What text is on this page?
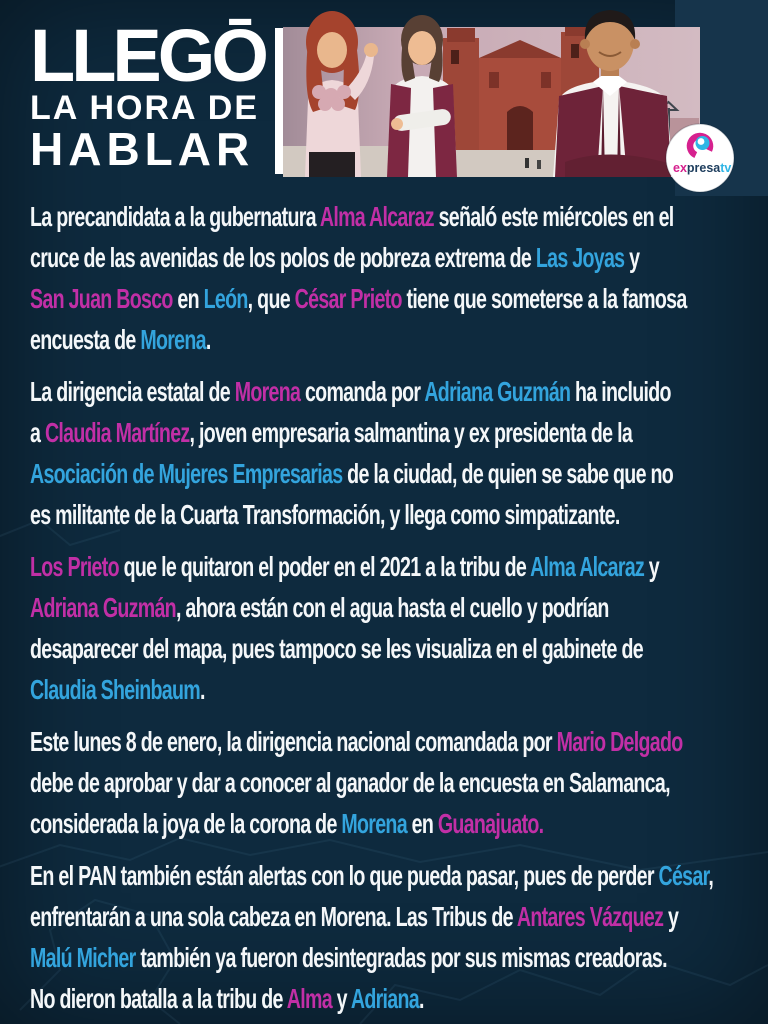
LLEGŌ
LA HORA DE
HABLAR	expresatv
La precandidata a la gubernatura Alma Alcaraz señaló este miércoles en el
cruce de las avenidas de los polos de pobreza extrema de Las Joyas y
San Juan Bosco en León, que César Prieto tiene que someterse a la famosa
encuesta de Morena.
La dirigencia estatal de Morena comanda por Adriana Guzmán ha incluido
a Claudia Martínez, joven empresaria salmantina y ex presidenta de la
Asociación de Mujeres Empresarias de la ciudad, de quien se sabe que no
es militante de la Cuarta Transformación, y llega como simpatizante.
Los Prieto que le quitaron el poder en el 2021 a la tribu de Alma Alcaraz y
Adriana Guzmán, ahora están con el agua hasta el cuello y podrían
desaparecer del mapa, pues tampoco se les visualiza en el gabinete de
Claudia Sheinbaum.
Este lunes 8 de enero, la dirigencia nacional comandada por Mario Delgado
debe de aprobar y dar a conocer al ganador de la encuesta en Salamanca,
considerada la joya de la corona de Morena en Guanajuato.
En el PAN también están alertas con lo que pueda pasar, pues de perder César,
enfrentarán a una sola cabeza en Morena. Las Tribus de Antares Vázquez y
Malú Micher también ya fueron desintegradas por sus mismas creadoras.
No dieron batalla a la tribu de Alma y Adriana.
